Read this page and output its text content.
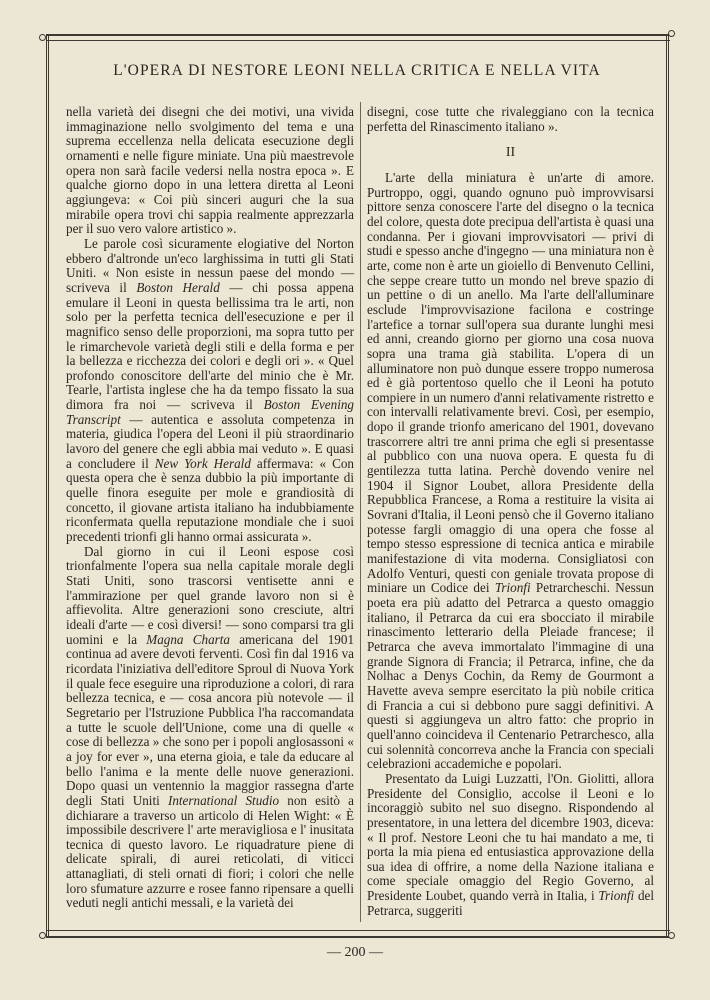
L'OPERA DI NESTORE LEONI NELLA CRITICA E NELLA VITA

nella varietà dei disegni che dei motivi, una vivida immaginazione nello svolgimento del tema e una suprema eccellenza nella delicata esecuzione degli ornamenti e nelle figure miniate. Una più maestrevole opera non sarà facile vedersi nella nostra epoca ». E qualche giorno dopo in una lettera diretta al Leoni aggiungeva: « Coi più sinceri auguri che la sua mirabile opera trovi chi sappia realmente apprezzarla per il suo vero valore artistico ».

Le parole così sicuramente elogiative del Norton ebbero d'altronde un'eco larghissima in tutti gli Stati Uniti. « Non esiste in nessun paese del mondo — scriveva il Boston Herald — chi possa appena emulare il Leoni in questa bellissima tra le arti, non solo per la perfetta tecnica dell'esecuzione e per il magnifico senso delle proporzioni, ma sopra tutto per le rimarchevole varietà degli stili e della forma e per la bellezza e ricchezza dei colori e degli ori ». « Quel profondo conoscitore dell'arte del minio che è Mr. Tearle, l'artista inglese che ha da tempo fissato la sua dimora fra noi — scriveva il Boston Evening Transcript — autentica e assoluta competenza in materia, giudica l'opera del Leoni il più straordinario lavoro del genere che egli abbia mai veduto ». E quasi a concludere il New York Herald affermava: « Con questa opera che è senza dubbio la più importante di quelle finora eseguite per mole e grandiosità di concetto, il giovane artista italiano ha indubbiamente riconfermata quella reputazione mondiale che i suoi precedenti trionfi gli hanno ormai assicurata ».

Dal giorno in cui il Leoni espose così trionfalmente l'opera sua nella capitale morale degli Stati Uniti, sono trascorsi ventisette anni e l'ammirazione per quel grande lavoro non si è affievolita. Altre generazioni sono cresciute, altri ideali d'arte — e così diversi! — sono comparsi tra gli uomini e la Magna Charta americana del 1901 continua ad avere devoti ferventi. Così fin dal 1916 va ricordata l'iniziativa dell'editore Sproul di Nuova York il quale fece eseguire una riproduzione a colori, di rara bellezza tecnica, e — cosa ancora più notevole — il Segretario per l'Istruzione Pubblica l'ha raccomandata a tutte le scuole dell'Unione, come una di quelle « cose di bellezza » che sono per i popoli anglosassoni « a joy for ever », una eterna gioia, e tale da educare al bello l'anima e la mente delle nuove generazioni. Dopo quasi un ventennio la maggior rassegna d'arte degli Stati Uniti International Studio non esitò a dichiarare a traverso un articolo di Helen Wight: « È impossibile descrivere l' arte meravigliosa e l' inusitata tecnica di questo lavoro. Le riquadrature piene di delicate spirali, di aurei reticolati, di viticci attanagliati, di steli ornati di fiori; i colori che nelle loro sfumature azzurre e rosee fanno ripensare a quelli veduti negli antichi messali, e la varietà dei

disegni, cose tutte che rivaleggiano con la tecnica perfetta del Rinascimento italiano ».

II

L'arte della miniatura è un'arte di amore. Purtroppo, oggi, quando ognuno può improvvisarsi pittore senza conoscere l'arte del disegno o la tecnica del colore, questa dote precipua dell'artista è quasi una condanna. Per i giovani improvvisatori — privi di studi e spesso anche d'ingegno — una miniatura non è arte, come non è arte un gioiello di Benvenuto Cellini, che seppe creare tutto un mondo nel breve spazio di un pettine o di un anello. Ma l'arte dell'alluminare esclude l'improvvisazione facilona e costringe l'artefice a tornar sull'opera sua durante lunghi mesi ed anni, creando giorno per giorno una cosa nuova sopra una trama già stabilita. L'opera di un alluminatore non può dunque essere troppo numerosa ed è già portentoso quello che il Leoni ha potuto compiere in un numero d'anni relativamente ristretto e con intervalli relativamente brevi. Così, per esempio, dopo il grande trionfo americano del 1901, dovevano trascorrere altri tre anni prima che egli si presentasse al pubblico con una nuova opera. E questa fu di gentilezza tutta latina. Perchè dovendo venire nel 1904 il Signor Loubet, allora Presidente della Repubblica Francese, a Roma a restituire la visita ai Sovrani d'Italia, il Leoni pensò che il Governo italiano potesse fargli omaggio di una opera che fosse al tempo stesso espressione di tecnica antica e mirabile manifestazione di vita moderna. Consigliatosi con Adolfo Venturi, questi con geniale trovata propose di miniare un Codice dei Trionfi Petrarcheschi. Nessun poeta era più adatto del Petrarca a questo omaggio italiano, il Petrarca da cui era sbocciato il mirabile rinascimento letterario della Pleiade francese; il Petrarca che aveva immortalato l'immagine di una grande Signora di Francia; il Petrarca, infine, che da Nolhac a Denys Cochin, da Remy de Gourmont a Havette aveva sempre esercitato la più nobile critica di Francia a cui si debbono pure saggi definitivi. A questi si aggiungeva un altro fatto: che proprio in quell'anno coincideva il Centenario Petrarchesco, alla cui solennità concorreva anche la Francia con speciali celebrazioni accademiche e popolari.

Presentato da Luigi Luzzatti, l'On. Giolitti, allora Presidente del Consiglio, accolse il Leoni e lo incoraggiò subito nel suo disegno. Rispondendo al presentatore, in una lettera del dicembre 1903, diceva: « Il prof. Nestore Leoni che tu hai mandato a me, ti porta la mia piena ed entusiastica approvazione della sua idea di offrire, a nome della Nazione italiana e come speciale omaggio del Regio Governo, al Presidente Loubet, quando verrà in Italia, i Trionfi del Petrarca, suggeriti

— 200 —
